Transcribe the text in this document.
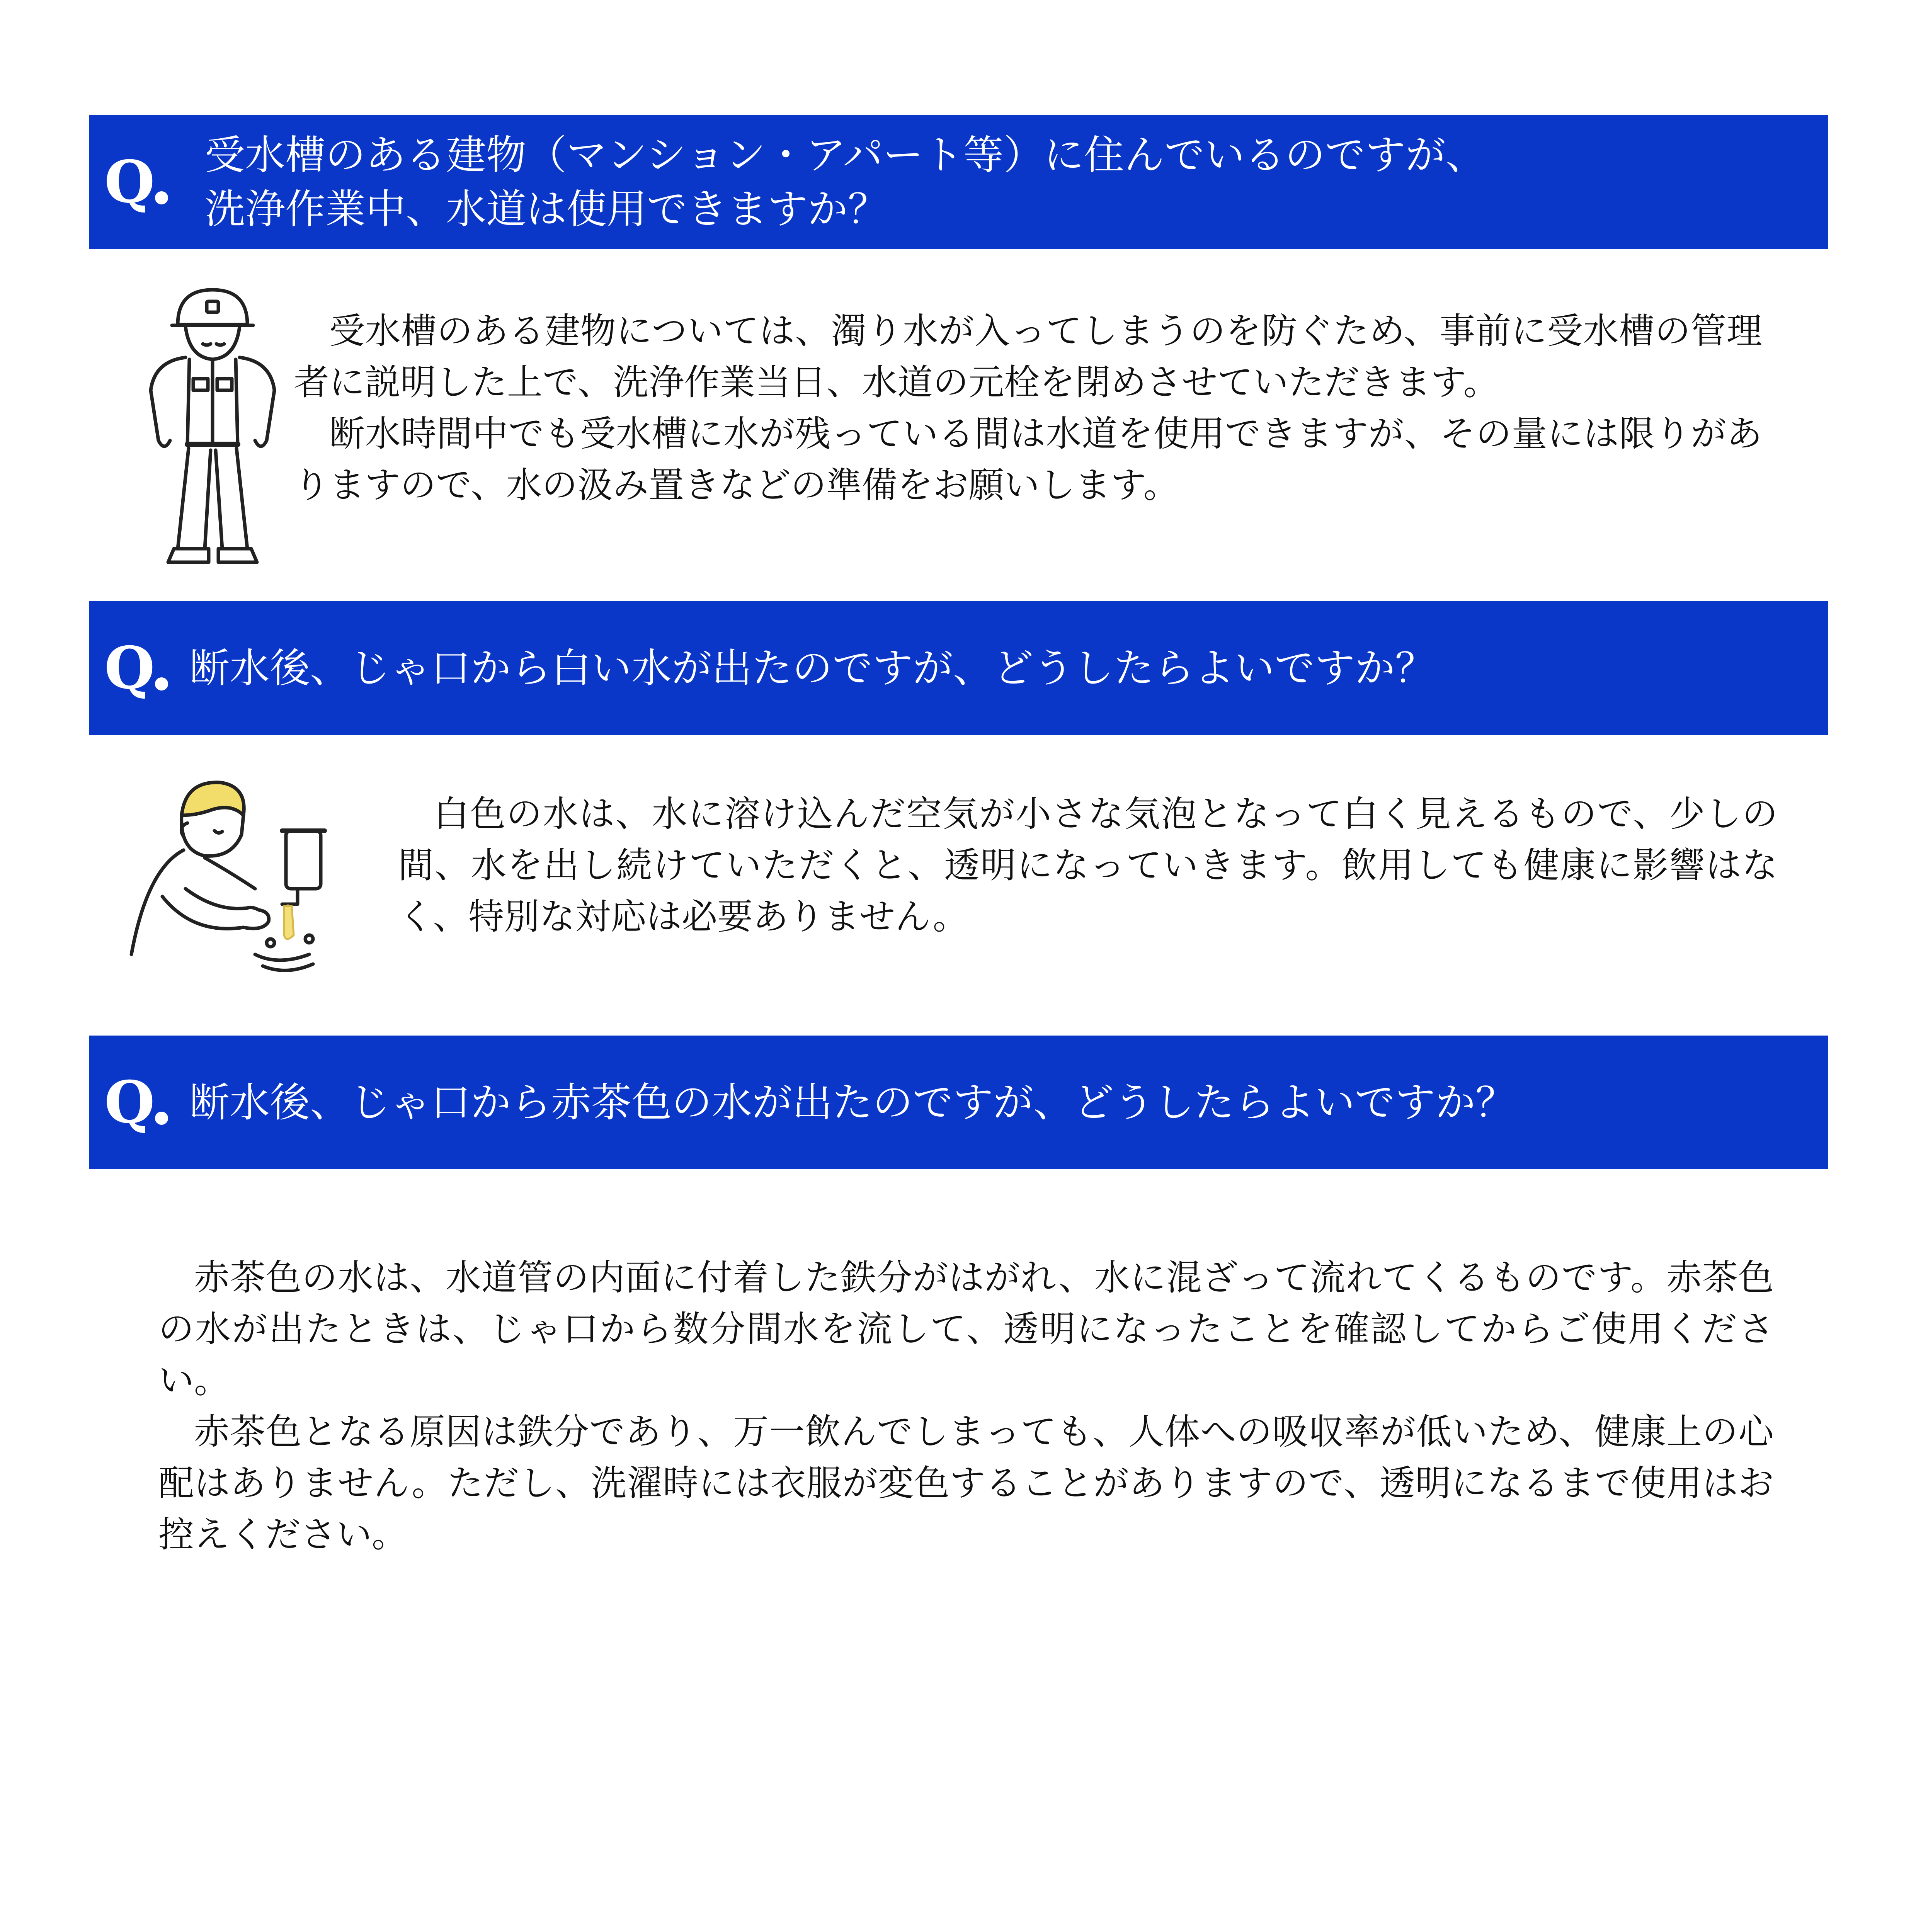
Q	受水槽のある建物（マンション・アパート等）に住んでいるのですが、
洗浄作業中、水道は使用できますか？

受水槽のある建物については、濁り水が入ってしまうのを防ぐため、事前に受水槽の管理者に説明した上で、洗浄作業当日、水道の元栓を閉めさせていただきます。

断水時間中でも受水槽に水が残っている間は水道を使用できますが、その量には限りがありますので、水の汲み置きなどの準備をお願いします。

Q 断水後、じゃ口から白い水が出たのですが、どうしたらよいですか？

白色の水は、水に溶け込んだ空気が小さな気泡となって白く見えるもので、少しの間、水を出し続けていただくと、透明になっていきます。飲用しても健康に影響はなく、特別な対応は必要ありません。

Q 断水後、じゃ口から赤茶色の水が出たのですが、どうしたらよいですか？

赤茶色の水は、水道管の内面に付着した鉄分がはがれ、水に混ざって流れてくるものです。赤茶色の水が出たときは、じゃ口から数分間水を流して、透明になったことを確認してからご使用ください。

赤茶色となる原因は鉄分であり、万一飲んでしまっても、人体への吸収率が低いため、健康上の心配はありません。ただし、洗濯時には衣服が変色することがありますので、透明になるまで使用はお控えください。
